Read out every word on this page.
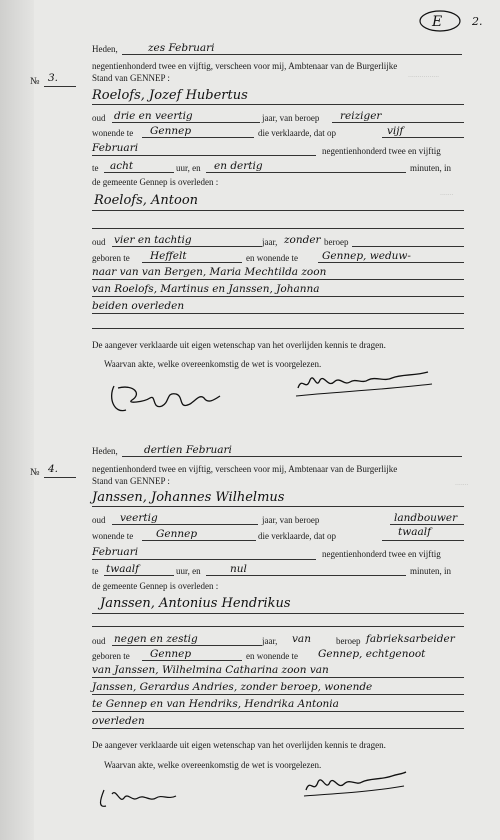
................
.......
.......
E	2.
№ 3.
Heden,	zes Februari
negentienhonderd twee en vijftig, verscheen voor mij, Ambtenaar van de Burgerlijke
Stand van GENNEP :
Roelofs, Jozef Hubertus
oud drie en veertig	jaar, van beroep reiziger
wonende te Gennep	die verklaarde, dat op	vijf
Februari	negentienhonderd twee en vijftig
te acht	uur, en en dertig	minuten, in
de gemeente Gennep is overleden :
Roelofs, Antoon
oud vier en tachtig	jaar, zonder beroep
geboren te Heffelt	en wonende te Gennep, weduw-
naar van van Bergen, Maria Mechtilda zoon
van Roelofs, Martinus en Janssen, Johanna
beiden overleden
De aangever verklaarde uit eigen wetenschap van het overlijden kennis te dragen.
Waarvan akte, welke overeenkomstig de wet is voorgelezen.
№ 4.
Heden,	dertien Februari
negentienhonderd twee en vijftig, verscheen voor mij, Ambtenaar van de Burgerlijke
Stand van GENNEP :
Janssen, Johannes Wilhelmus
oud veertig	jaar, van beroep	landbouwer
wonende te Gennep	die verklaarde, dat op	twaalf
Februari	negentienhonderd twee en vijftig
te twaalf	uur, en	nul	minuten, in
de gemeente Gennep is overleden :
Janssen, Antonius Hendrikus
oud negen en zestig	jaar, van	beroep fabrieksarbeider
geboren te Gennep	en wonende te Gennep, echtgenoot
van Janssen, Wilhelmina Catharina zoon van
Janssen, Gerardus Andries, zonder beroep, wonende
te Gennep en van Hendriks, Hendrika Antonia
overleden
De aangever verklaarde uit eigen wetenschap van het overlijden kennis te dragen.
Waarvan akte, welke overeenkomstig de wet is voorgelezen.
